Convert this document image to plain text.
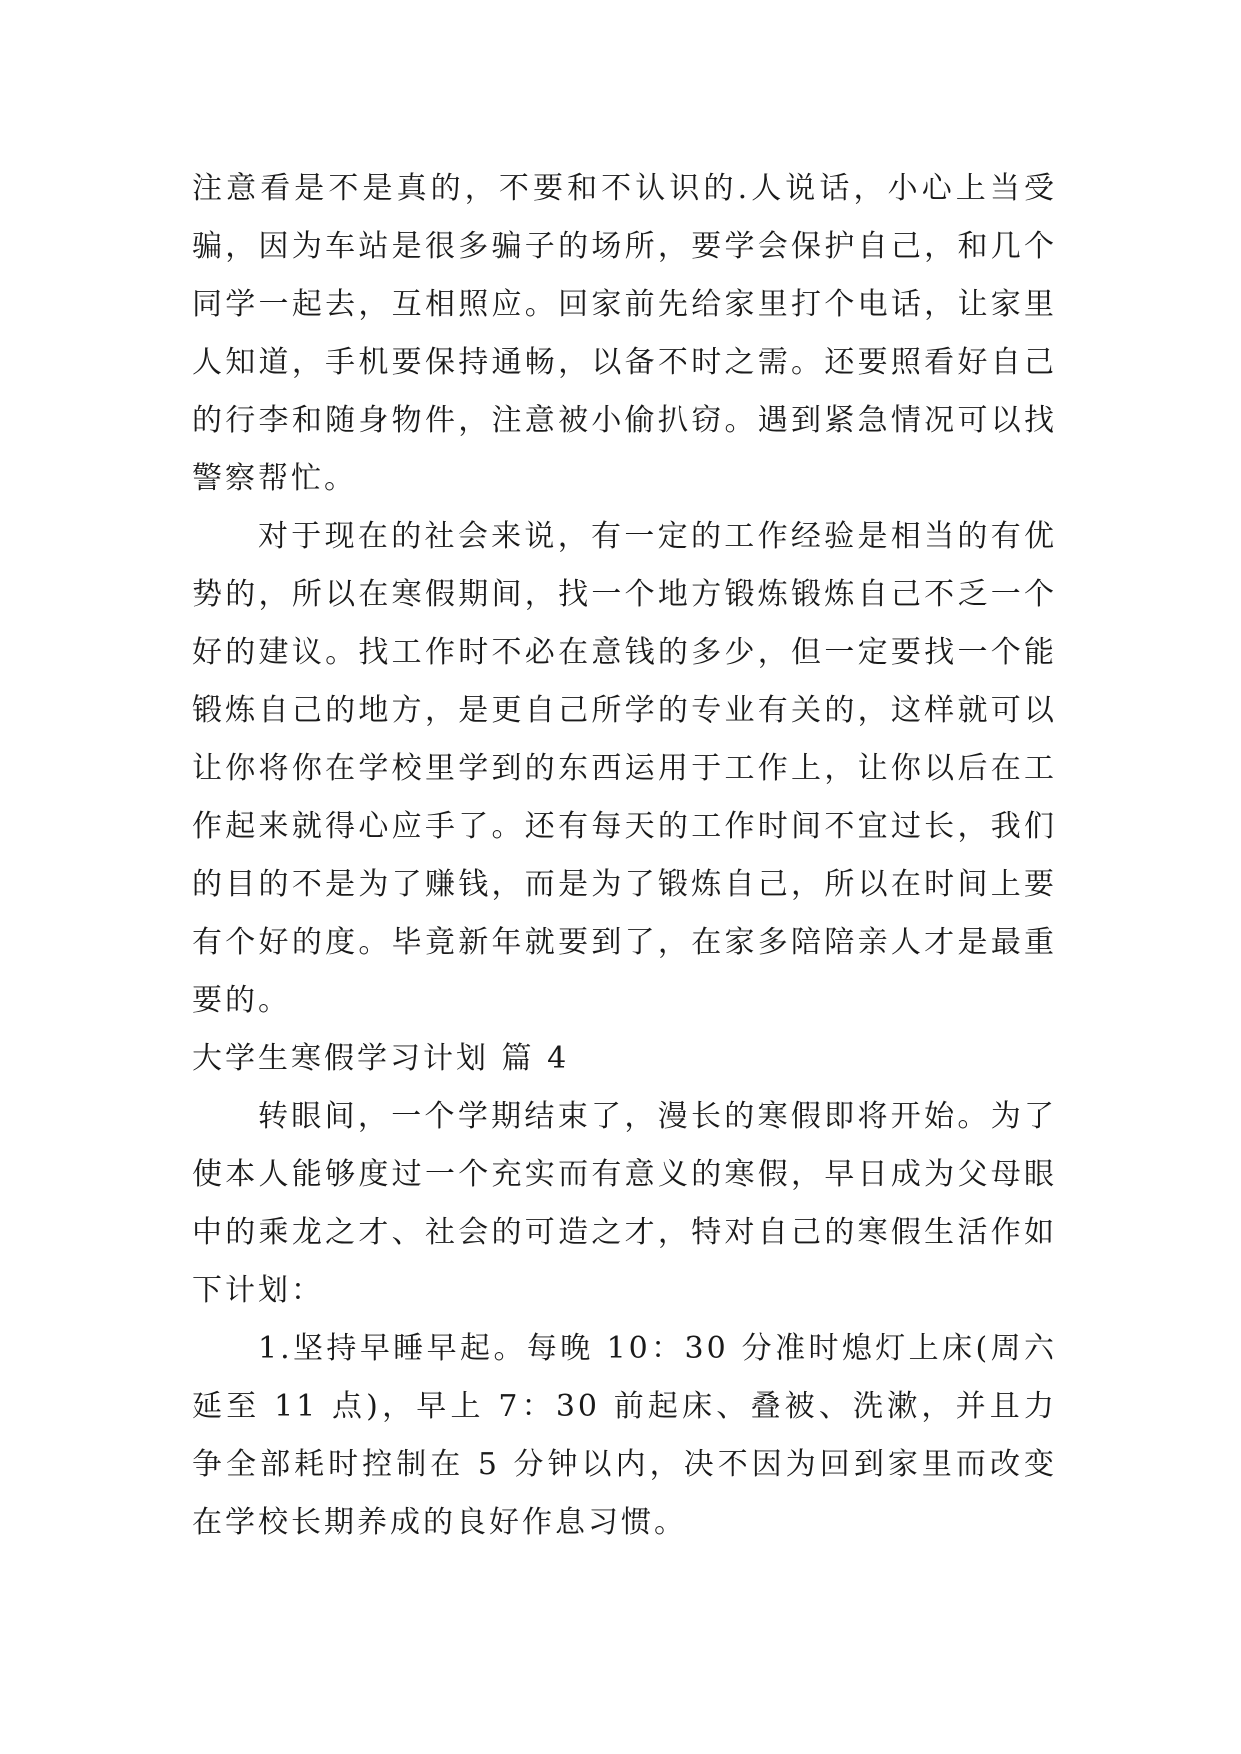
注意看是不是真的，不要和不认识的.人说话，小心上当受骗，因为车站是很多骗子的场所，要学会保护自己，和几个同学一起去，互相照应。回家前先给家里打个电话，让家里人知道，手机要保持通畅，以备不时之需。还要照看好自己的行李和随身物件，注意被小偷扒窃。遇到紧急情况可以找警察帮忙。

对于现在的社会来说，有一定的工作经验是相当的有优势的，所以在寒假期间，找一个地方锻炼锻炼自己不乏一个好的建议。找工作时不必在意钱的多少，但一定要找一个能锻炼自己的地方，是更自己所学的专业有关的，这样就可以让你将你在学校里学到的东西运用于工作上，让你以后在工作起来就得心应手了。还有每天的工作时间不宜过长，我们的目的不是为了赚钱，而是为了锻炼自己，所以在时间上要有个好的度。毕竟新年就要到了，在家多陪陪亲人才是最重要的。

大学生寒假学习计划 篇 4

转眼间，一个学期结束了，漫长的寒假即将开始。为了使本人能够度过一个充实而有意义的寒假，早日成为父母眼中的乘龙之才、社会的可造之才，特对自己的寒假生活作如下计划：

1.坚持早睡早起。每晚 10：30 分准时熄灯上床(周六延至 11 点)，早上 7：30 前起床、叠被、洗漱，并且力争全部耗时控制在 5 分钟以内，决不因为回到家里而改变在学校长期养成的良好作息习惯。
